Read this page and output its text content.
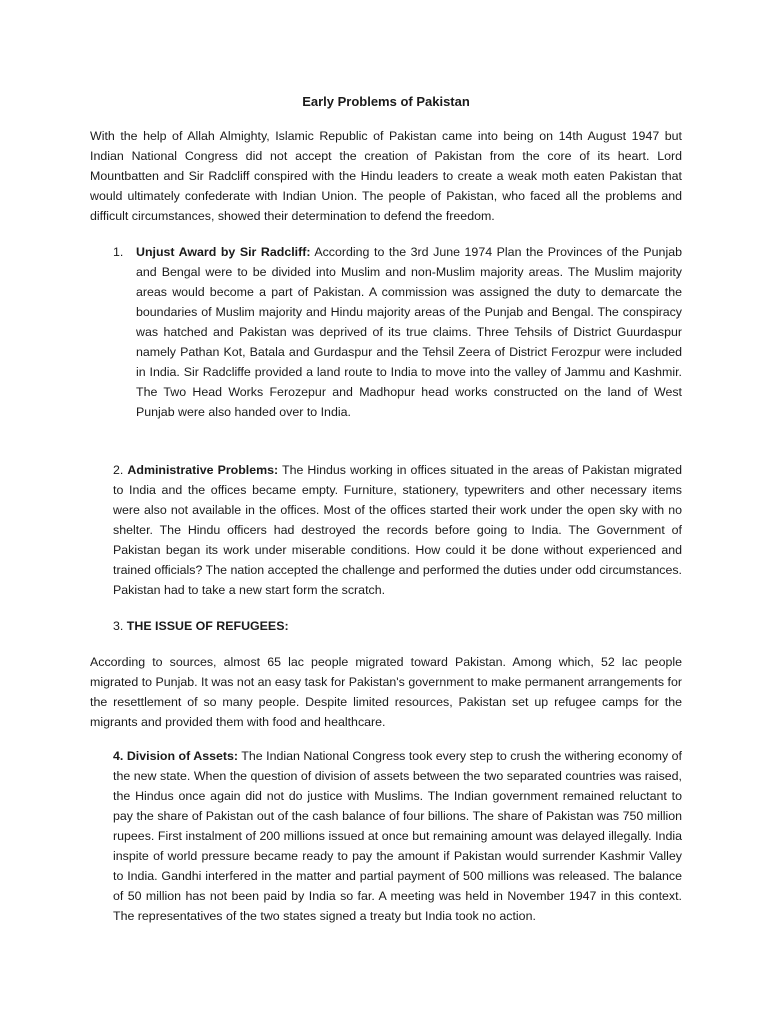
Early Problems of Pakistan

With the help of Allah Almighty, Islamic Republic of Pakistan came into being on 14th August 1947 but Indian National Congress did not accept the creation of Pakistan from the core of its heart. Lord Mountbatten and Sir Radcliff conspired with the Hindu leaders to create a weak moth eaten Pakistan that would ultimately confederate with Indian Union. The people of Pakistan, who faced all the problems and difficult circumstances, showed their determination to defend the freedom.

1. Unjust Award by Sir Radcliff: According to the 3rd June 1974 Plan the Provinces of the Punjab and Bengal were to be divided into Muslim and non-Muslim majority areas. The Muslim majority areas would become a part of Pakistan. A commission was assigned the duty to demarcate the boundaries of Muslim majority and Hindu majority areas of the Punjab and Bengal. The conspiracy was hatched and Pakistan was deprived of its true claims. Three Tehsils of District Guurdaspur namely Pathan Kot, Batala and Gurdaspur and the Tehsil Zeera of District Ferozpur were included in India. Sir Radcliffe provided a land route to India to move into the valley of Jammu and Kashmir. The Two Head Works Ferozepur and Madhopur head works constructed on the land of West Punjab were also handed over to India.

2. Administrative Problems: The Hindus working in offices situated in the areas of Pakistan migrated to India and the offices became empty. Furniture, stationery, typewriters and other necessary items were also not available in the offices. Most of the offices started their work under the open sky with no shelter. The Hindu officers had destroyed the records before going to India. The Government of Pakistan began its work under miserable conditions. How could it be done without experienced and trained officials? The nation accepted the challenge and performed the duties under odd circumstances. Pakistan had to take a new start form the scratch.

3. THE ISSUE OF REFUGEES:

According to sources, almost 65 lac people migrated toward Pakistan. Among which, 52 lac people migrated to Punjab. It was not an easy task for Pakistan's government to make permanent arrangements for the resettlement of so many people. Despite limited resources, Pakistan set up refugee camps for the migrants and provided them with food and healthcare.

4. Division of Assets: The Indian National Congress took every step to crush the withering economy of the new state. When the question of division of assets between the two separated countries was raised, the Hindus once again did not do justice with Muslims. The Indian government remained reluctant to pay the share of Pakistan out of the cash balance of four billions. The share of Pakistan was 750 million rupees. First instalment of 200 millions issued at once but remaining amount was delayed illegally. India inspite of world pressure became ready to pay the amount if Pakistan would surrender Kashmir Valley to India. Gandhi interfered in the matter and partial payment of 500 millions was released. The balance of 50 million has not been paid by India so far. A meeting was held in November 1947 in this context. The representatives of the two states signed a treaty but India took no action.
